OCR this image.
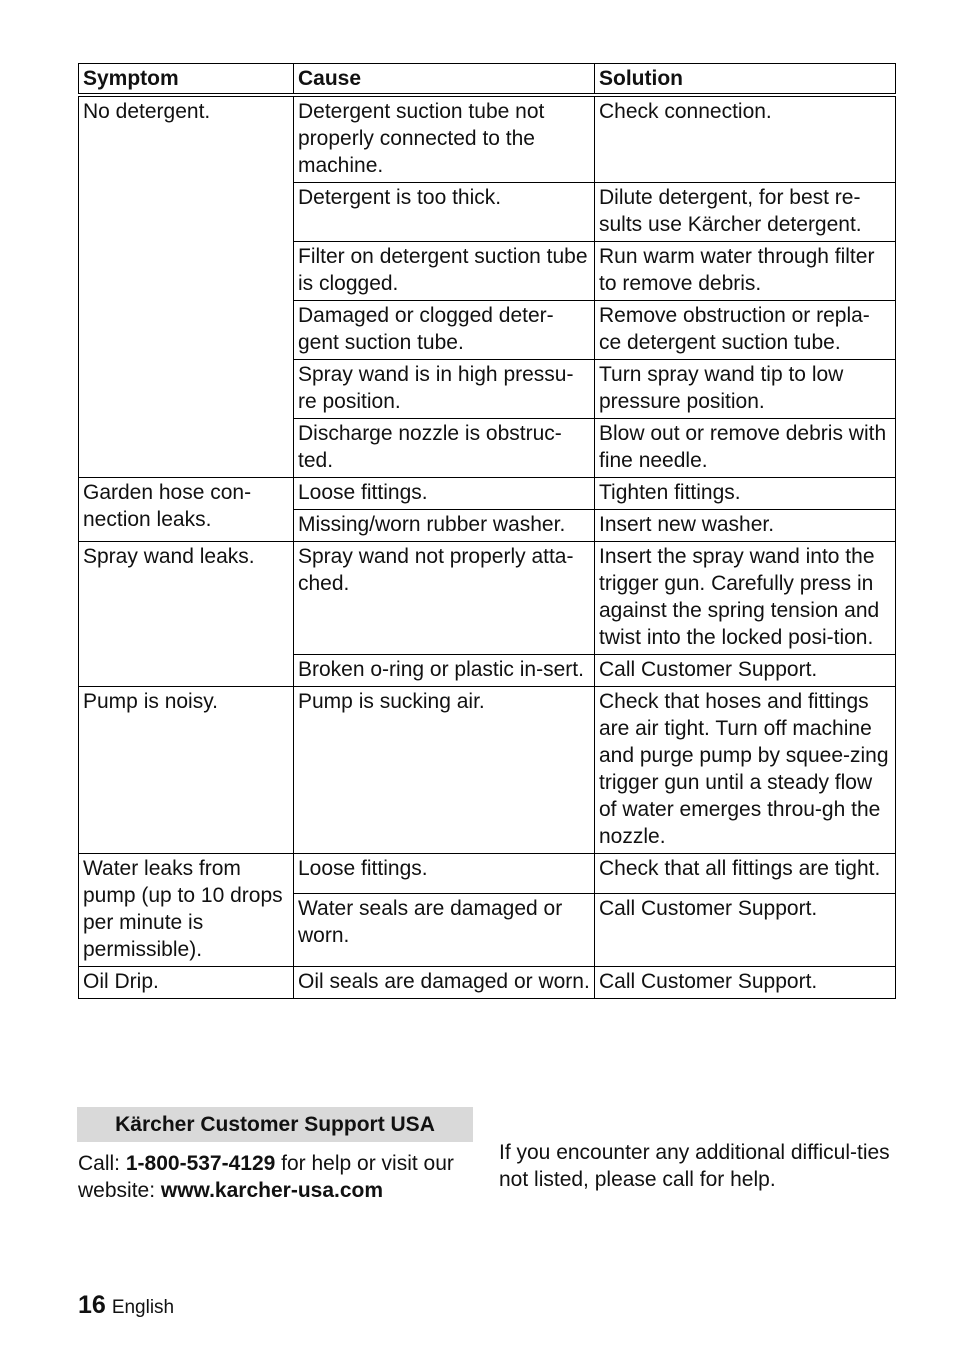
Symptom	Cause	Solution
No detergent.	Detergent suction tube not properly connected to the machine.	Check connection.
	Detergent is too thick.	Dilute detergent, for best re-sults use Kärcher detergent.
	Filter on detergent suction tube is clogged.	Run warm water through filter to remove debris.
	Damaged or clogged deter-gent suction tube.	Remove obstruction or repla-ce detergent suction tube.
	Spray wand is in high pressu-re position.	Turn spray wand tip to low pressure position.
	Discharge nozzle is obstruc-ted.	Blow out or remove debris with fine needle.
Garden hose con-nection leaks.	Loose fittings.	Tighten fittings.
	Missing/worn rubber washer.	Insert new washer.
Spray wand leaks.	Spray wand not properly atta-ched.	Insert the spray wand into the trigger gun. Carefully press in against the spring tension and twist into the locked posi-tion.
	Broken o-ring or plastic in-sert.	Call Customer Support.
Pump is noisy.	Pump is sucking air.	Check that hoses and fittings are air tight. Turn off machine and purge pump by squee-zing trigger gun until a steady flow of water emerges throu-gh the nozzle.
Water leaks from pump (up to 10 drops per minute is permissible).	Loose fittings.	Check that all fittings are tight.
	Water seals are damaged or worn.	Call Customer Support.
Oil Drip.	Oil seals are damaged or worn.	Call Customer Support.
Kärcher Customer Support USA
Call: 1-800-537-4129 for help or visit our website: www.karcher-usa.com
If you encounter any additional difficul-ties not listed, please call for help.
16 English
